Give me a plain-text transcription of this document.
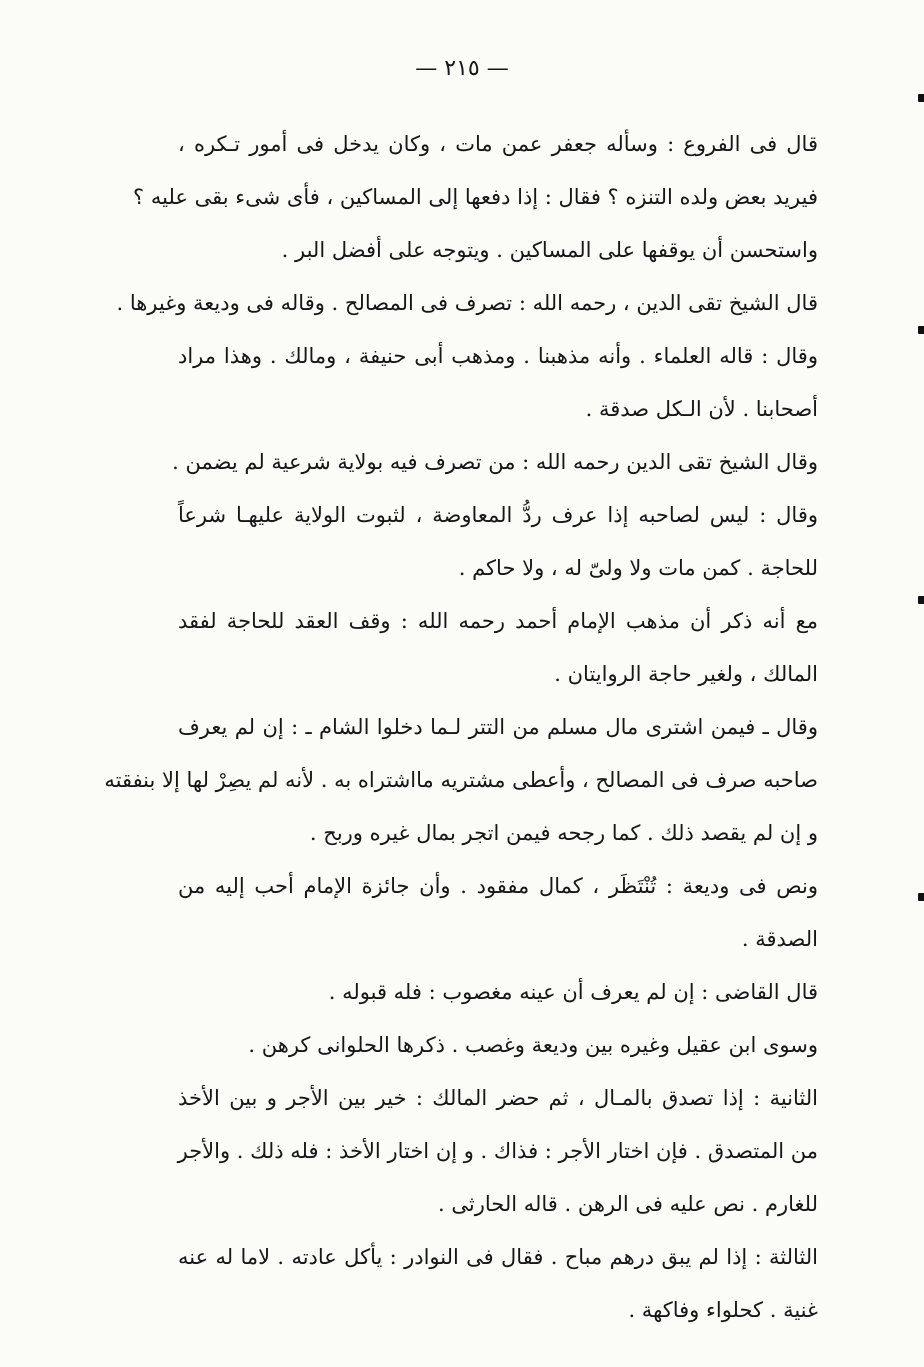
— ٢١٥ —
قال فى الفروع : وسأله جعفر عمن مات ، وكان يدخل فى أمور تـكره ،
فيريد بعض ولده التنزه ؟ فقال : إذا دفعها إلى المساكين ، فأى شىء بقى عليه ؟
واستحسن أن يوقفها على المساكين . ويتوجه على أفضل البر .
قال الشيخ تقى الدين ، رحمه الله : تصرف فى المصالح . وقاله فى وديعة وغيرها .
وقال : قاله العلماء . وأنه مذهبنا . ومذهب أبى حنيفة ، ومالك . وهذا مراد
أصحابنا . لأن الـكل صدقة .
وقال الشيخ تقى الدين رحمه الله : من تصرف فيه بولاية شرعية لم يضمن .
وقال : ليس لصاحبه إذا عرف ردُّ المعاوضة ، لثبوت الولاية عليهـا شرعاً
للحاجة . كمن مات ولا ولىّ له ، ولا حاكم .
مع أنه ذكر أن مذهب الإمام أحمد رحمه الله : وقف العقد للحاجة لفقد
المالك ، ولغير حاجة الروايتان .
وقال ـ فيمن اشترى مال مسلم من التتر لـما دخلوا الشام ـ : إن لم يعرف
صاحبه صرف فى المصالح ، وأعطى مشتريه مااشتراه به . لأنه لم يصِرْ لها إلا بنفقته
و إن لم يقصد ذلك . كما رجحه فيمن اتجر بمال غيره وربح .
ونص فى وديعة : تُنْتَظَر ، كمال مفقود . وأن جائزة الإمام أحب إليه من
الصدقة .
قال القاضى : إن لم يعرف أن عينه مغصوب : فله قبوله .
وسوى ابن عقيل وغيره بين وديعة وغصب . ذكرها الحلوانى كرهن .
الثانية : إذا تصدق بالمـال ، ثم حضر المالك : خير بين الأجر و بين الأخذ
من المتصدق . فإن اختار الأجر : فذاك . و إن اختار الأخذ : فله ذلك . والأجر
للغارم . نص عليه فى الرهن . قاله الحارثى .
الثالثة : إذا لم يبق درهم مباح . فقال فى النوادر : يأكل عادته . لاما له عنه
غنية . كحلواء وفاكهة .
